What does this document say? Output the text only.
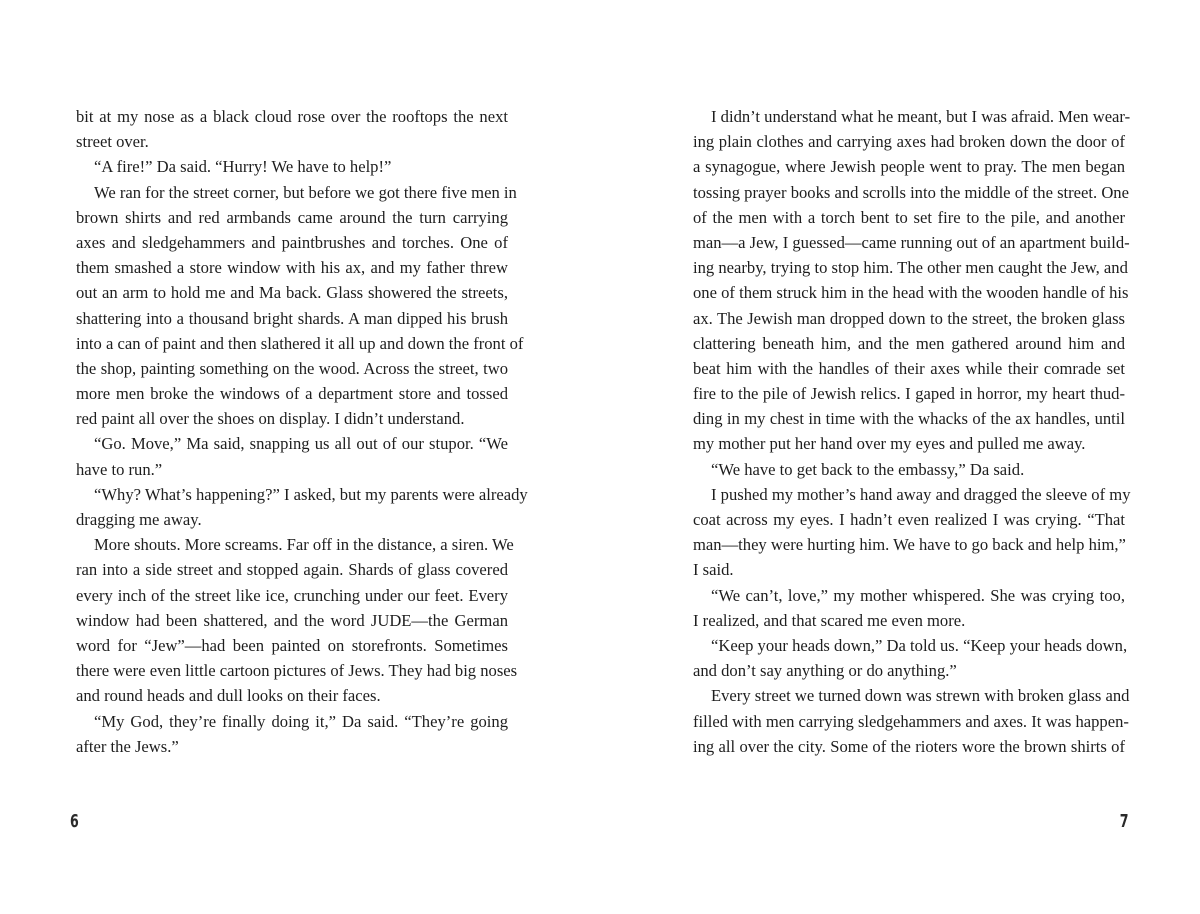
bit at my nose as a black cloud rose over the rooftops the next
street over.
“A fire!” Da said. “Hurry! We have to help!”
We ran for the street corner, but before we got there five men in
brown shirts and red armbands came around the turn carrying
axes and sledgehammers and paintbrushes and torches. One of
them smashed a store window with his ax, and my father threw
out an arm to hold me and Ma back. Glass showered the streets,
shattering into a thousand bright shards. A man dipped his brush
into a can of paint and then slathered it all up and down the front of
the shop, painting something on the wood. Across the street, two
more men broke the windows of a department store and tossed
red paint all over the shoes on display. I didn’t understand.
“Go. Move,” Ma said, snapping us all out of our stupor. “We
have to run.”
“Why? What’s happening?” I asked, but my parents were already
dragging me away.
More shouts. More screams. Far off in the distance, a siren. We
ran into a side street and stopped again. Shards of glass covered
every inch of the street like ice, crunching under our feet. Every
window had been shattered, and the word JUDE—the German
word for “Jew”—had been painted on storefronts. Sometimes
there were even little cartoon pictures of Jews. They had big noses
and round heads and dull looks on their faces.
“My God, they’re finally doing it,” Da said. “They’re going
after the Jews.”
6
I didn’t understand what he meant, but I was afraid. Men wear-
ing plain clothes and carrying axes had broken down the door of
a synagogue, where Jewish people went to pray. The men began
tossing prayer books and scrolls into the middle of the street. One
of the men with a torch bent to set fire to the pile, and another
man—a Jew, I guessed—came running out of an apartment build-
ing nearby, trying to stop him. The other men caught the Jew, and
one of them struck him in the head with the wooden handle of his
ax. The Jewish man dropped down to the street, the broken glass
clattering beneath him, and the men gathered around him and
beat him with the handles of their axes while their comrade set
fire to the pile of Jewish relics. I gaped in horror, my heart thud-
ding in my chest in time with the whacks of the ax handles, until
my mother put her hand over my eyes and pulled me away.
“We have to get back to the embassy,” Da said.
I pushed my mother’s hand away and dragged the sleeve of my
coat across my eyes. I hadn’t even realized I was crying. “That
man—they were hurting him. We have to go back and help him,”
I said.
“We can’t, love,” my mother whispered. She was crying too,
I realized, and that scared me even more.
“Keep your heads down,” Da told us. “Keep your heads down,
and don’t say anything or do anything.”
Every street we turned down was strewn with broken glass and
filled with men carrying sledgehammers and axes. It was happen-
ing all over the city. Some of the rioters wore the brown shirts of
7
